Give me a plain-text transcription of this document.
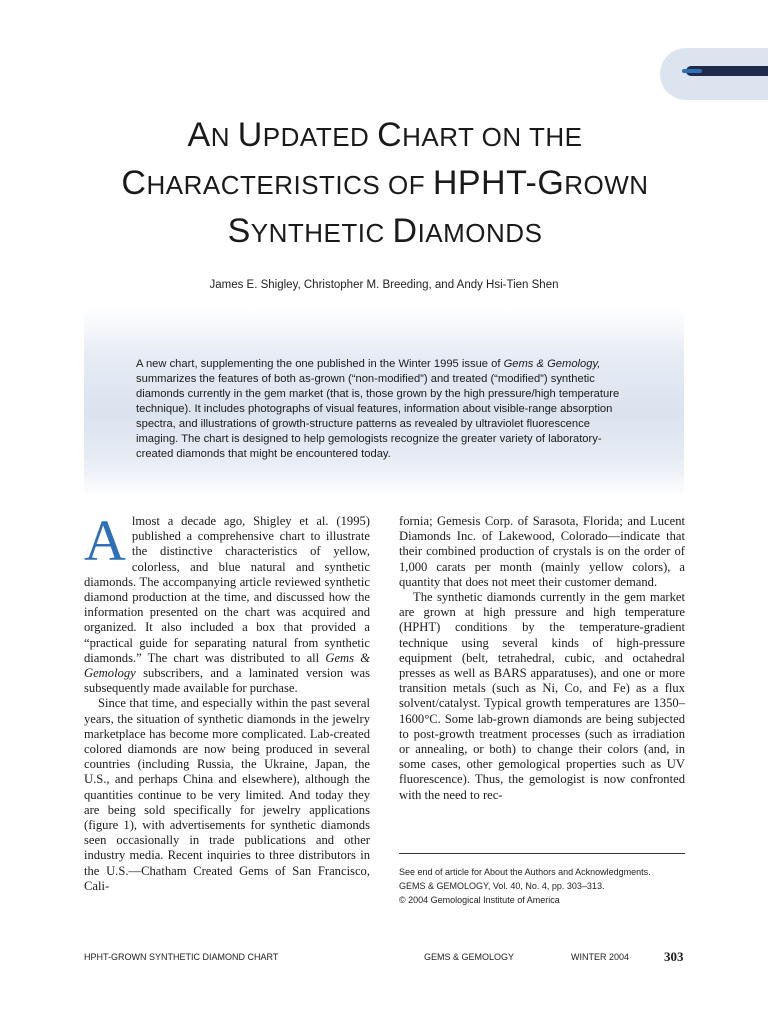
AN UPDATED CHART ON THE
CHARACTERISTICS OF HPHT-GROWN
SYNTHETIC DIAMONDS
James E. Shigley, Christopher M. Breeding, and Andy Hsi-Tien Shen

A new chart, supplementing the one published in the Winter 1995 issue of Gems & Gemology, summarizes the features of both as-grown (“non-modified”) and treated (“modified”) synthetic diamonds currently in the gem market (that is, those grown by the high pressure/high temperature technique). It includes photographs of visual features, information about visible-range absorption spectra, and illustrations of growth-structure patterns as revealed by ultraviolet fluorescence imaging. The chart is designed to help gemologists recognize the greater variety of laboratory-created diamonds that might be encountered today.

Almost a decade ago, Shigley et al. (1995) published a comprehensive chart to illustrate the distinctive characteristics of yellow, colorless, and blue natural and synthetic diamonds. The accompanying article reviewed synthetic diamond production at the time, and discussed how the information presented on the chart was acquired and organized. It also included a box that provided a “practical guide for separating natural from synthetic diamonds.” The chart was distributed to all Gems & Gemology subscribers, and a laminated version was subsequently made available for purchase.

Since that time, and especially within the past several years, the situation of synthetic diamonds in the jewelry marketplace has become more complicated. Lab-created colored diamonds are now being produced in several countries (including Russia, the Ukraine, Japan, the U.S., and perhaps China and elsewhere), although the quantities continue to be very limited. And today they are being sold specifically for jewelry applications (figure 1), with advertisements for synthetic diamonds seen occasionally in trade publications and other industry media. Recent inquiries to three distributors in the U.S.—Chatham Created Gems of San Francisco, Cali-

fornia; Gemesis Corp. of Sarasota, Florida; and Lucent Diamonds Inc. of Lakewood, Colorado—indicate that their combined production of crystals is on the order of 1,000 carats per month (mainly yellow colors), a quantity that does not meet their customer demand.

The synthetic diamonds currently in the gem market are grown at high pressure and high temperature (HPHT) conditions by the temperature-gradient technique using several kinds of high-pressure equipment (belt, tetrahedral, cubic, and octahedral presses as well as BARS apparatuses), and one or more transition metals (such as Ni, Co, and Fe) as a flux solvent/catalyst. Typical growth temperatures are 1350–1600°C. Some lab-grown diamonds are being subjected to post-growth treatment processes (such as irradiation or annealing, or both) to change their colors (and, in some cases, other gemological properties such as UV fluorescence). Thus, the gemologist is now confronted with the need to rec-

See end of article for About the Authors and Acknowledgments.
GEMS & GEMOLOGY, Vol. 40, No. 4, pp. 303–313.
© 2004 Gemological Institute of America
HPHT-GROWN SYNTHETIC DIAMOND CHART	GEMS & GEMOLOGY	WINTER 2004	303
